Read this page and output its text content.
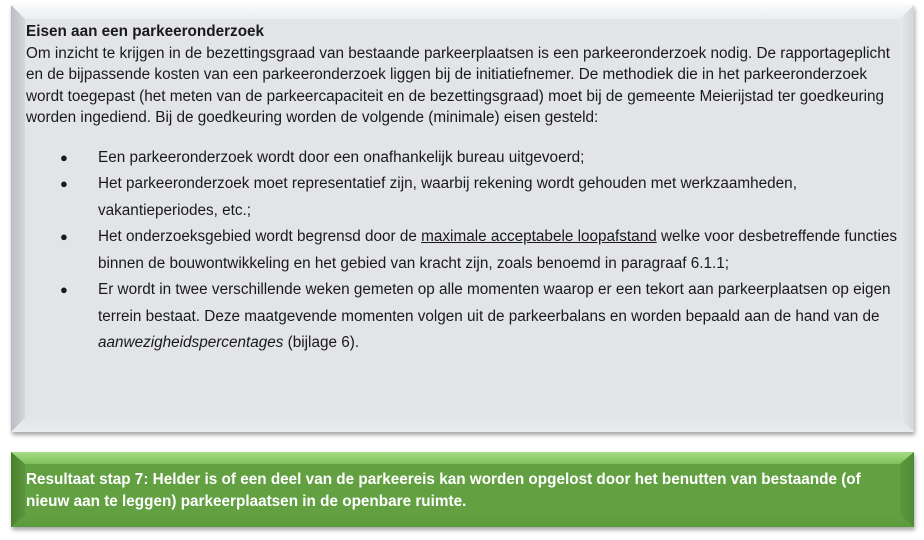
Eisen aan een parkeeronderzoek

Om inzicht te krijgen in de bezettingsgraad van bestaande parkeerplaatsen is een parkeeronderzoek nodig. De rapportageplicht en de bijpassende kosten van een parkeeronderzoek liggen bij de initiatiefnemer. De methodiek die in het parkeeronderzoek wordt toegepast (het meten van de parkeercapaciteit en de bezettingsgraad) moet bij de gemeente Meierijstad ter goedkeuring worden ingediend. Bij de goedkeuring worden de volgende (minimale) eisen gesteld:

● Een parkeeronderzoek wordt door een onafhankelijk bureau uitgevoerd;
● Het parkeeronderzoek moet representatief zijn, waarbij rekening wordt gehouden met werkzaamheden, vakantieperiodes, etc.;
● Het onderzoeksgebied wordt begrensd door de maximale acceptabele loopafstand welke voor desbetreffende functies binnen de bouwontwikkeling en het gebied van kracht zijn, zoals benoemd in paragraaf 6.1.1;
● Er wordt in twee verschillende weken gemeten op alle momenten waarop er een tekort aan parkeerplaatsen op eigen terrein bestaat. Deze maatgevende momenten volgen uit de parkeerbalans en worden bepaald aan de hand van de aanwezigheidspercentages (bijlage 6).

Resultaat stap 7: Helder is of een deel van de parkeereis kan worden opgelost door het benutten van bestaande (of nieuw aan te leggen) parkeerplaatsen in de openbare ruimte.
